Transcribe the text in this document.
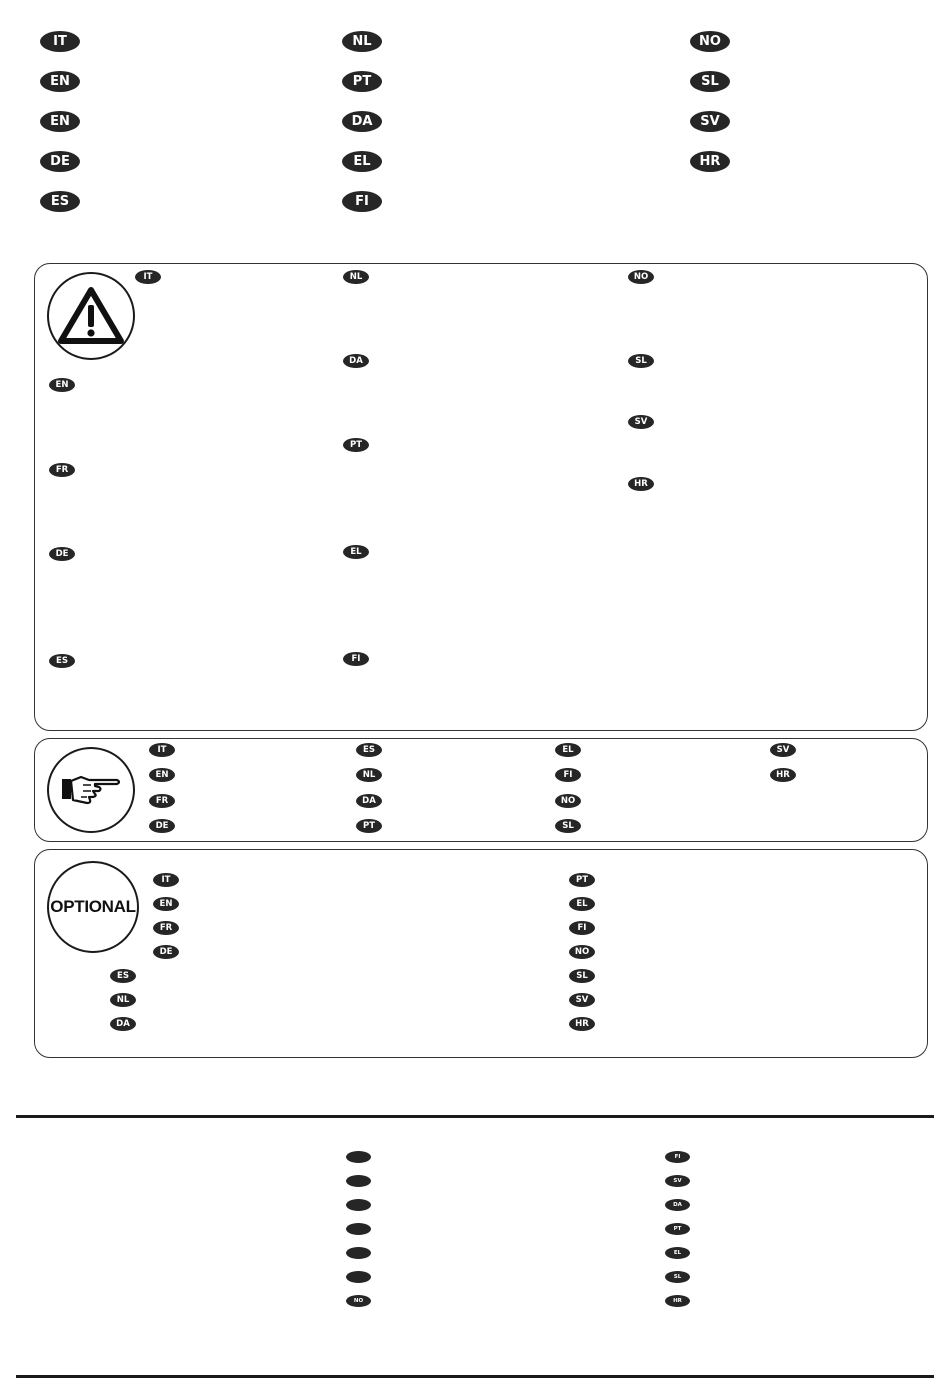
IT
EN
EN
DE
ES
NL
PT
DA
EL
FI
NO
SL
SV
HR
IT
EN
FR
DE
ES
NL
DA
PT
EL
FI
NO
SL
SV
HR
IT
EN
FR
DE
ES
NL
DA
PT
EL
FI
NO
SL
SV
HR
OPTIONAL
IT
EN
FR
DE
ES
NL
DA
PT
EL
FI
NO
SL
SV
HR
NO
FI
SV
DA
PT
EL
SL
HR
